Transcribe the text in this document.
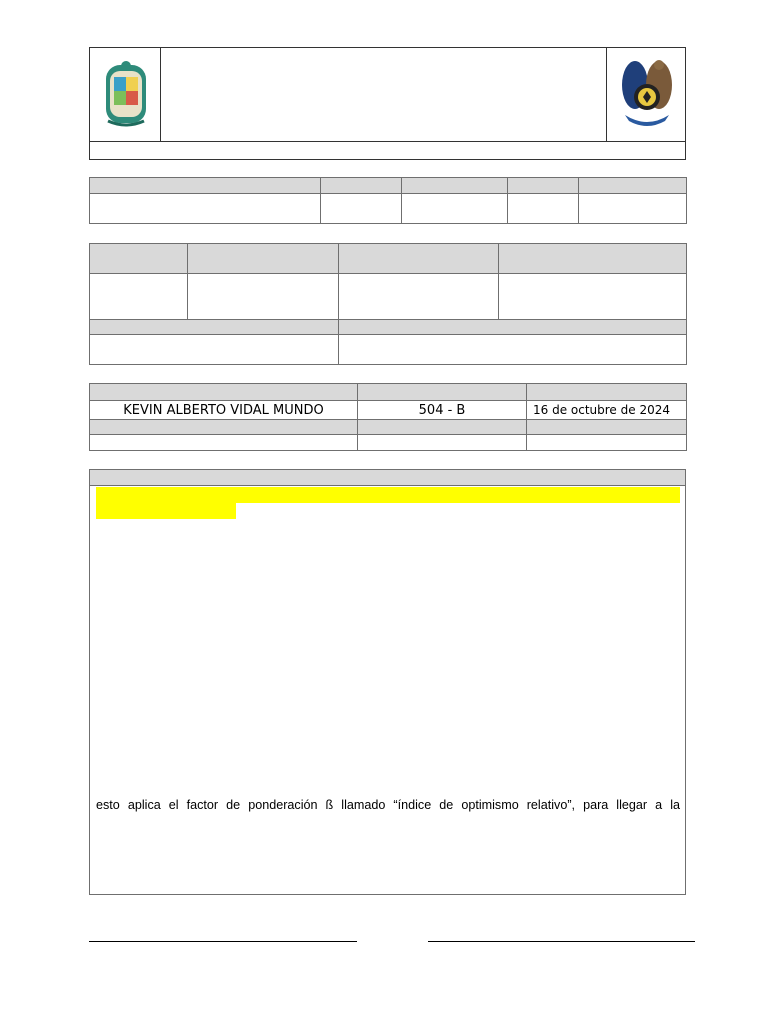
KEVIN ALBERTO VIDAL MUNDO	504 - B	16 de octubre de 2024

esto aplica el factor de ponderación ß llamado “índice de optimismo relativo”, para llegar a la
